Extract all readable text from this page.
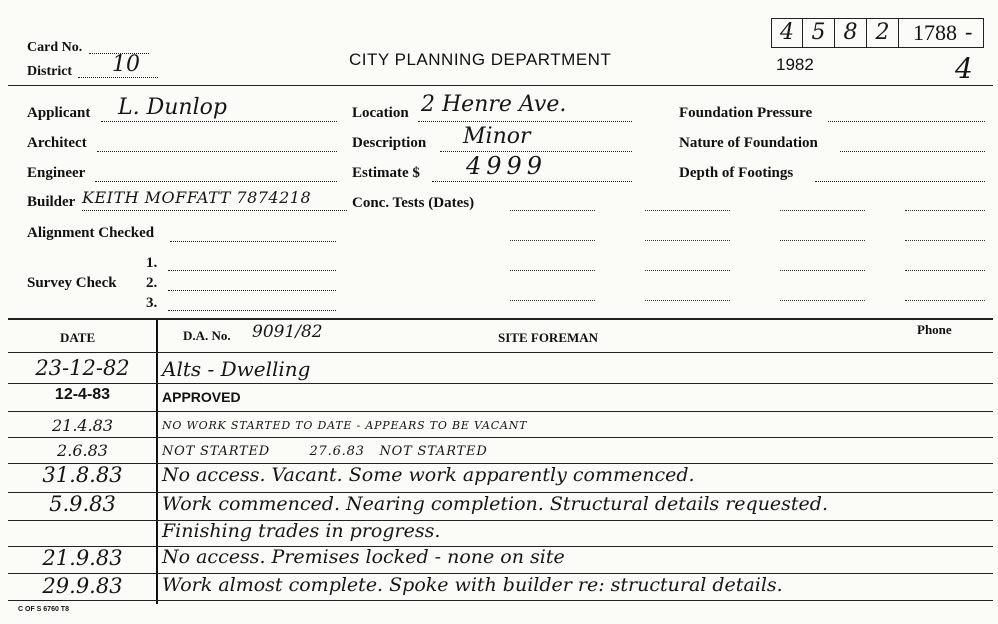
Card No.
District 10	CITY PLANNING DEPARTMENT	1982
4 5 8 2	1788 -
4
Applicant L. Dunlop
Architect
Engineer
Builder KEITH MOFFATT 7874218
Alignment Checked
Survey Check
1.
2.
3.
Location 2 Henre Ave.
Description Minor
Estimate $ 4999
Conc. Tests (Dates)
Foundation Pressure
Nature of Foundation
Depth of Footings
DATE	D.A. No. 9091/82	SITE FOREMAN
Phone
23-12-82	Alts - Dwelling
12-4-83	APPROVED
21.4.83	NO WORK STARTED TO DATE - APPEARS TO BE VACANT
2.6.83	NOT STARTED        27.6.83   NOT STARTED
31.8.83	No access. Vacant. Some work apparently commenced.
5.9.83	Work commenced. Nearing completion. Structural details requested.
Finishing trades in progress.
21.9.83	No access. Premises locked - none on site
29.9.83	Work almost complete. Spoke with builder re: structural details.
C OF S 6760 T8
